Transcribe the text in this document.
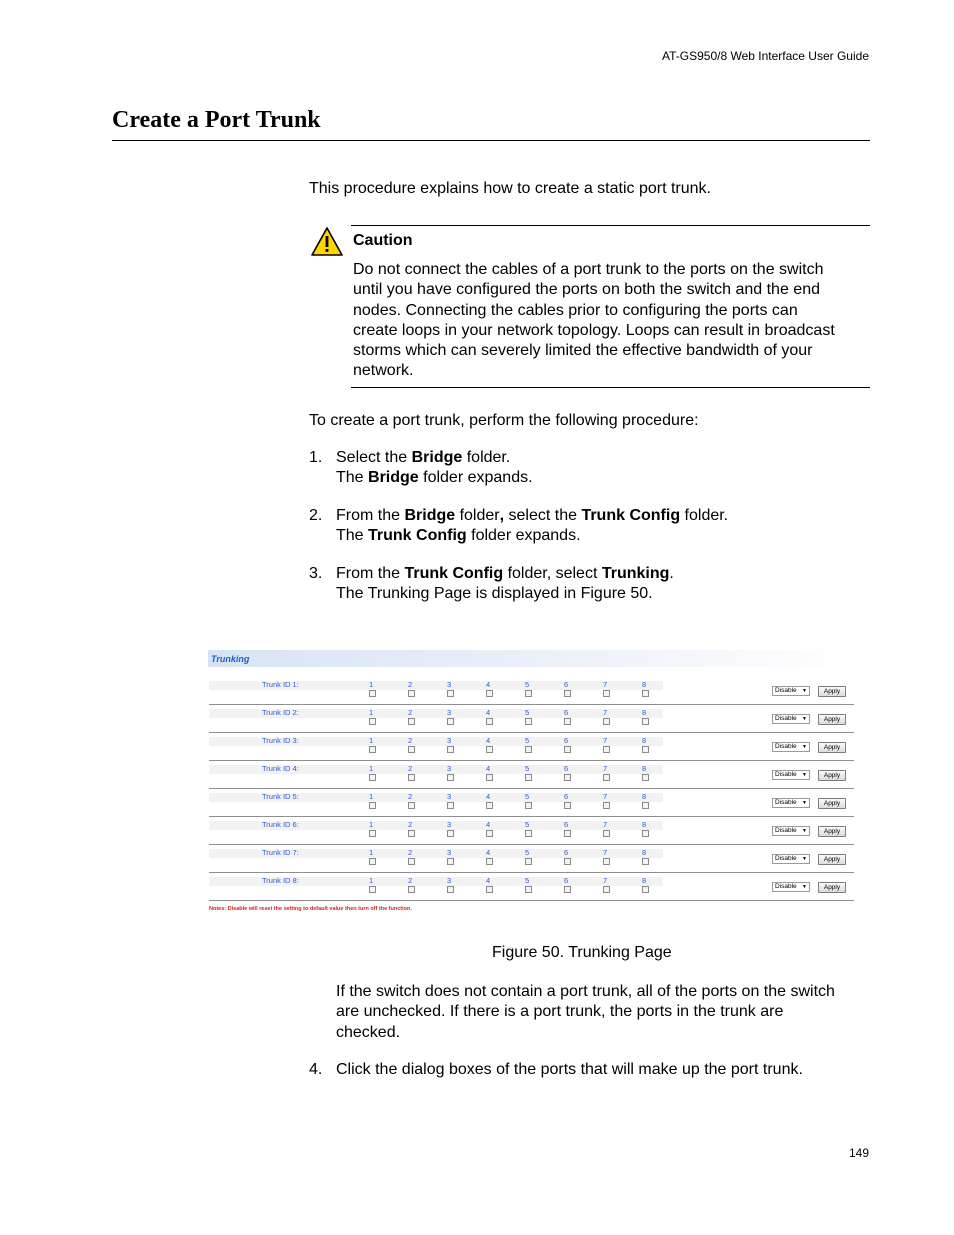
AT-GS950/8 Web Interface User Guide
Create a Port Trunk
This procedure explains how to create a static port trunk.
Caution
Do not connect the cables of a port trunk to the ports on the switch
until you have configured the ports on both the switch and the end
nodes. Connecting the cables prior to configuring the ports can
create loops in your network topology. Loops can result in broadcast
storms which can severely limited the effective bandwidth of your
network.
To create a port trunk, perform the following procedure:
1. Select the Bridge folder.
The Bridge folder expands.
2. From the Bridge folder, select the Trunk Config folder.
The Trunk Config folder expands.
3. From the Trunk Config folder, select Trunking.
The Trunking Page is displayed in Figure 50.
Trunking
Trunk ID 1:	1	2	3	4	5	6	7	8
Disable ▼	Apply
Trunk ID 2:	1	2	3	4	5	6	7	8
Disable ▼	Apply
Trunk ID 3:	1	2	3	4	5	6	7	8
Disable ▼	Apply
Trunk ID 4:	1	2	3	4	5	6	7	8
Disable ▼	Apply
Trunk ID 5:	1	2	3	4	5	6	7	8
Disable ▼	Apply
Trunk ID 6:	1	2	3	4	5	6	7	8
Disable ▼	Apply
Trunk ID 7:	1	2	3	4	5	6	7	8
Disable ▼	Apply
Trunk ID 8:	1	2	3	4	5	6	7	8
Disable ▼	Apply
Notes: Disable will reset the setting to default value then turn off the function.
Figure 50. Trunking Page
If the switch does not contain a port trunk, all of the ports on the switch
are unchecked. If there is a port trunk, the ports in the trunk are
checked.
4. Click the dialog boxes of the ports that will make up the port trunk.
149
